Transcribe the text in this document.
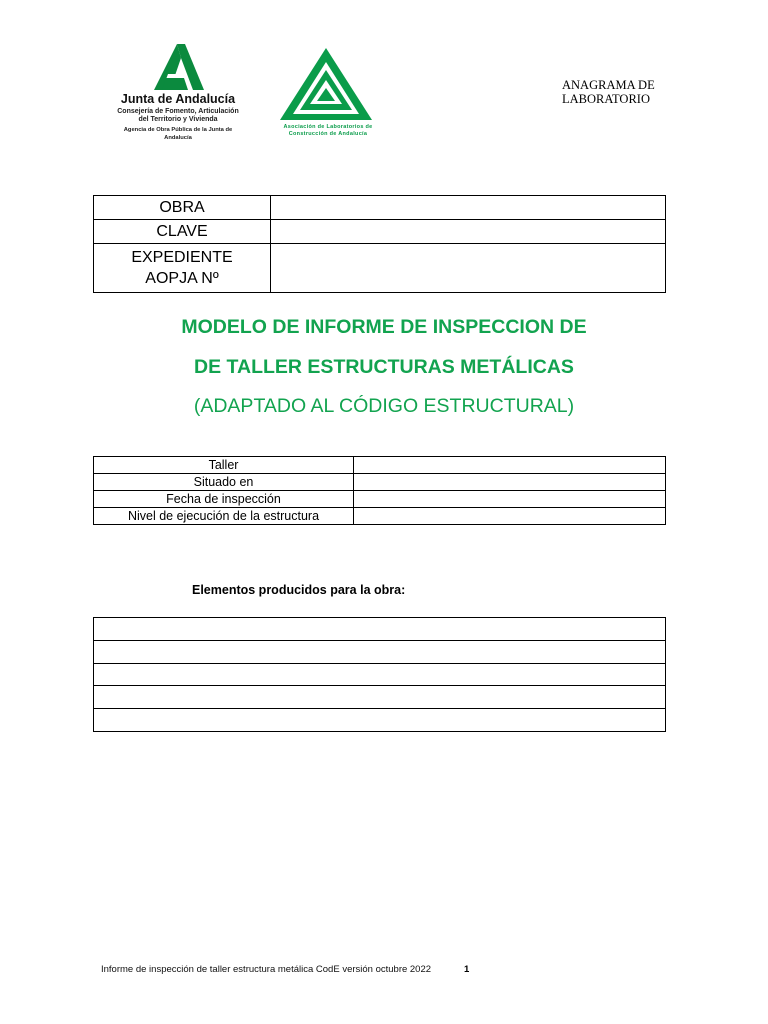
Junta de Andalucía
Consejería de Fomento, Articulación
del Territorio y Vivienda
Agencia de Obra Pública de la Junta de Andalucía
Asociación de Laboratorios de
Construcción de Andalucía
ANAGRAMA DE
LABORATORIO
OBRA	
CLAVE	

EXPEDIENTE
AOPJA Nº	

MODELO DE INFORME DE INSPECCION DE
DE TALLER ESTRUCTURAS METÁLICAS
(ADAPTADO AL CÓDIGO ESTRUCTURAL)
Taller	
Situado en	
Fecha de inspección	
Nivel de ejecución de la estructura	
Elementos producidos para la obra:

Informe de inspección de taller estructura metálica CodE versión octubre 2022	1
